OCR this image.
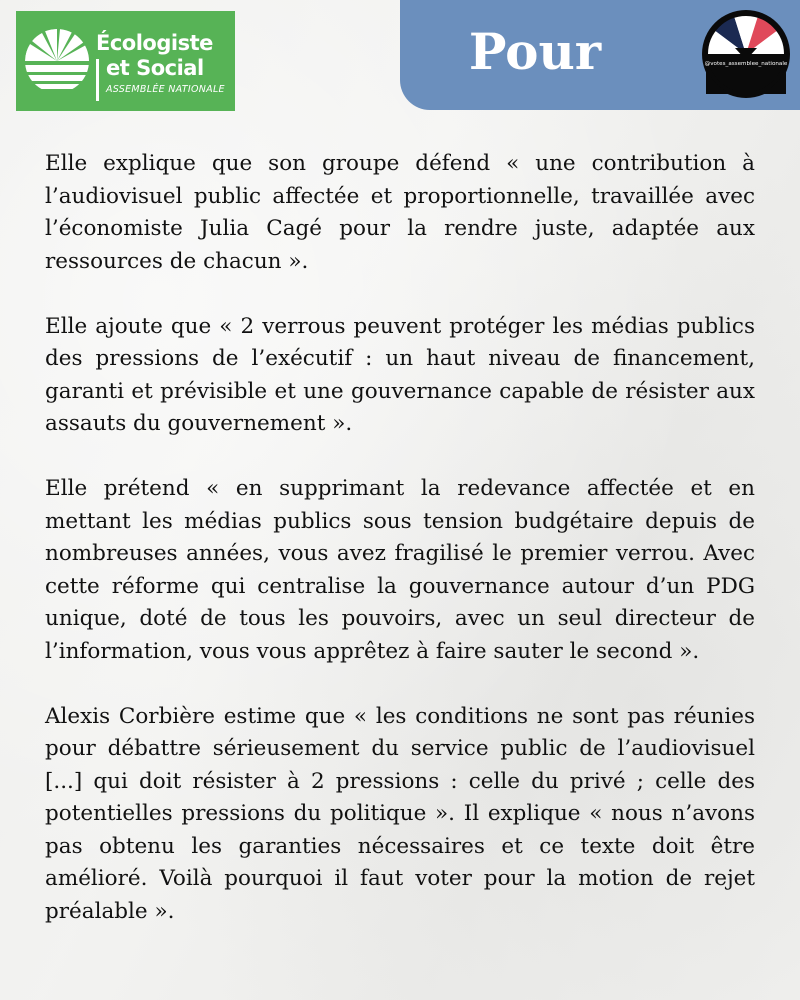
Écologiste
et Social
ASSEMBLÉE NATIONALE
Pour	@votes_assemblee_nationale

Elle explique que son groupe défend « une contribution à l’audiovisuel public affectée et proportionnelle, travaillée avec l’économiste Julia Cagé pour la rendre juste, adaptée aux ressources de chacun ».

Elle ajoute que « 2 verrous peuvent protéger les médias publics des pressions de l’exécutif : un haut niveau de financement, garanti et prévisible et une gouvernance capable de résister aux assauts du gouvernement ».

Elle prétend « en supprimant la redevance affectée et en mettant les médias publics sous tension budgétaire depuis de nombreuses années, vous avez fragilisé le premier verrou. Avec cette réforme qui centralise la gouvernance autour d’un PDG unique, doté de tous les pouvoirs, avec un seul directeur de l’information, vous vous apprêtez à faire sauter le second ».

Alexis Corbière estime que « les conditions ne sont pas réunies pour débattre sérieusement du service public de l’audiovisuel [...] qui doit résister à 2 pressions : celle du privé ; celle des potentielles pressions du politique ». Il explique « nous n’avons pas obtenu les garanties nécessaires et ce texte doit être amélioré. Voilà pourquoi il faut voter pour la motion de rejet préalable ».
